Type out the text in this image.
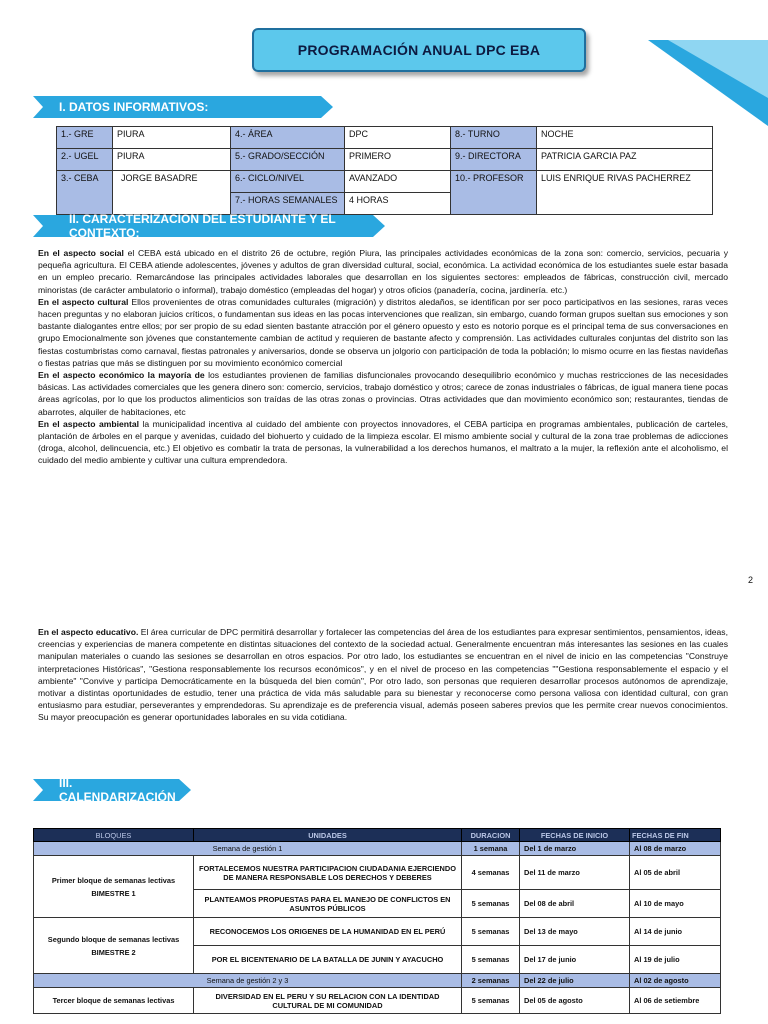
PROGRAMACIÓN ANUAL DPC EBA
I. DATOS INFORMATIVOS:
1.- GRE	PIURA	4.- ÁREA	DPC	8.- TURNO	NOCHE
2.- UGEL	PIURA	5.- GRADO/SECCIÓN	PRIMERO	9.- DIRECTORA	PATRICIA GARCIA PAZ
3.- CEBA	JORGE BASADRE	6.- CICLO/NIVEL	AVANZADO	10.- PROFESOR	LUIS ENRIQUE RIVAS PACHERREZ
		7.- HORAS SEMANALES	4 HORAS		
II. CARACTERIZACIÓN DEL ESTUDIANTE Y EL CONTEXTO:
En el aspecto social el CEBA está ubicado en el distrito 26 de octubre, región Piura, las principales actividades económicas de la zona son: comercio, servicios, pecuaria y pequeña agricultura. El CEBA atiende adolescentes, jóvenes y adultos de gran diversidad cultural, social, económica. La actividad económica de los estudiantes suele estar basada en un empleo precario. Remarcándose las principales actividades laborales que desarrollan en los siguientes sectores: empleados de fábricas, construcción civil, mercado minoristas (de carácter ambulatorio o informal), trabajo doméstico (empleadas del hogar) y otros oficios (panadería, cocina, jardinería. etc.)
En el aspecto cultural Ellos provenientes de otras comunidades culturales (migración) y distritos aledaños, se identifican por ser poco participativos en las sesiones, raras veces hacen preguntas y no elaboran juicios críticos, o fundamentan sus ideas en las pocas intervenciones que realizan, sin embargo, cuando forman grupos sueltan sus emociones y son bastante dialogantes entre ellos; por ser propio de su edad sienten bastante atracción por el género opuesto y esto es notorio porque es el principal tema de sus conversaciones en grupo Emocionalmente son jóvenes que constantemente cambian de actitud y requieren de bastante afecto y comprensión. Las actividades culturales conjuntas del distrito son las fiestas costumbristas como carnaval, fiestas patronales y aniversarios, donde se observa un jolgorio con participación de toda la población; lo mismo ocurre en las fiestas navideñas o fiestas patrias que más se distinguen por su movimiento económico comercial
En el aspecto económico la mayoría de los estudiantes provienen de familias disfuncionales provocando desequilibrio económico y muchas restricciones de las necesidades básicas. Las actividades comerciales que les genera dinero son: comercio, servicios, trabajo doméstico y otros; carece de zonas industriales o fábricas, de igual manera tiene pocas áreas agrícolas, por lo que los productos alimenticios son traídas de las otras zonas o provincias. Otras actividades que dan movimiento económico son; restaurantes, tiendas de abarrotes, alquiler de habitaciones, etc
En el aspecto ambiental la municipalidad incentiva al cuidado del ambiente con proyectos innovadores, el CEBA participa en programas ambientales, publicación de carteles, plantación de árboles en el parque y avenidas, cuidado del biohuerto y cuidado de la limpieza escolar. El mismo ambiente social y cultural de la zona trae problemas de adicciones (droga, alcohol, delincuencia, etc.) El objetivo es combatir la trata de personas, la vulnerabilidad a los derechos humanos, el maltrato a la mujer, la reflexión ante el alcoholismo, el cuidado del medio ambiente y cultivar una cultura emprendedora.
2
En el aspecto educativo. El área curricular de DPC permitirá desarrollar y fortalecer las competencias del área de los estudiantes para expresar sentimientos, pensamientos, ideas, creencias y experiencias de manera competente en distintas situaciones del contexto de la sociedad actual. Generalmente encuentran más interesantes las sesiones en las cuales manipulan materiales o cuando las sesiones se desarrollan en otros espacios. Por otro lado, los estudiantes se encuentran en el nivel de inicio en las competencias "Construye interpretaciones Históricas", "Gestiona responsablemente los recursos económicos", y en el nivel de proceso en las competencias ""Gestiona responsablemente el espacio y el ambiente" "Convive y participa Democráticamente en la búsqueda del bien común", Por otro lado, son personas que requieren desarrollar procesos autónomos de aprendizaje, motivar a distintas oportunidades de estudio, tener una práctica de vida más saludable para su bienestar y reconocerse como persona valiosa con identidad cultural, con gran entusiasmo para estudiar, perseverantes y emprendedoras. Su aprendizaje es de preferencia visual, además poseen saberes previos que les permite crear nuevos conocimientos. Su mayor preocupación es generar oportunidades laborales en su vida cotidiana.
III. CALENDARIZACIÓN
BLOQUES	UNIDADES	DURACION	FECHAS DE INICIO	FECHAS DE FIN
Semana de gestión 1		1 semana	Del 1 de marzo	Al 08 de marzo

Primer bloque de semanas lectivas
BIMESTRE 1	FORTALECEMOS NUESTRA PARTICIPACION CIUDADANIA EJERCIENDO DE MANERA RESPONSABLE LOS DERECHOS Y DEBERES	4 semanas	Del 11 de marzo	Al 05 de abril
	PLANTEAMOS PROPUESTAS PARA EL MANEJO DE CONFLICTOS EN ASUNTOS PÚBLICOS	5 semanas	Del 08 de abril	Al 10 de mayo

Segundo bloque de semanas lectivas
BIMESTRE 2	RECONOCEMOS LOS ORIGENES DE LA HUMANIDAD EN EL PERÚ	5 semanas	Del 13 de mayo	Al 14 de junio
	POR EL BICENTENARIO DE LA BATALLA DE JUNIN Y AYACUCHO	5 semanas	Del 17 de junio	Al 19 de julio
Semana de gestión 2 y 3		2 semanas	Del 22 de julio	Al 02 de agosto
Tercer bloque de semanas lectivas	DIVERSIDAD EN EL PERU Y SU RELACION CON LA IDENTIDAD CULTURAL DE MI COMUNIDAD	5 semanas	Del 05 de agosto	Al 06 de setiembre
